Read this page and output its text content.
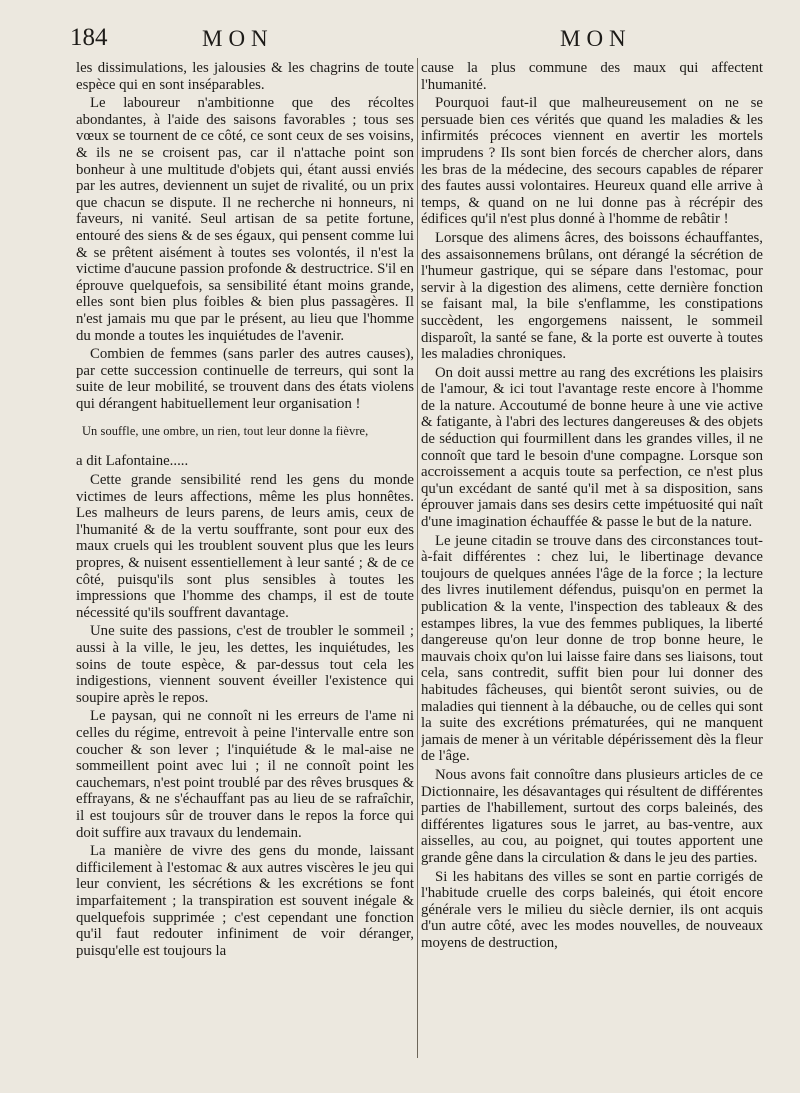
184	MON	MON

les dissimulations, les jalousies & les chagrins de toute espèce qui en sont inséparables.

Le laboureur n'ambitionne que des récoltes abondantes, à l'aide des saisons favorables ; tous ses vœux se tournent de ce côté, ce sont ceux de ses voisins, & ils ne se croisent pas, car il n'attache point son bonheur à une multitude d'objets qui, étant aussi enviés par les autres, deviennent un sujet de rivalité, ou un prix que chacun se dispute. Il ne recherche ni honneurs, ni faveurs, ni vanité. Seul artisan de sa petite fortune, entouré des siens & de ses égaux, qui pensent comme lui & se prêtent aisément à toutes ses volontés, il n'est la victime d'aucune passion profonde & destructrice. S'il en éprouve quelquefois, sa sensibilité étant moins grande, elles sont bien plus foibles & bien plus passagères. Il n'est jamais mu que par le présent, au lieu que l'homme du monde a toutes les inquiétudes de l'avenir.

Combien de femmes (sans parler des autres causes), par cette succession continuelle de terreurs, qui sont la suite de leur mobilité, se trouvent dans des états violens qui dérangent habituellement leur organisation !

Un souffle, une ombre, un rien, tout leur donne la fièvre,

a dit Lafontaine.....

Cette grande sensibilité rend les gens du monde victimes de leurs affections, même les plus honnêtes. Les malheurs de leurs parens, de leurs amis, ceux de l'humanité & de la vertu souffrante, sont pour eux des maux cruels qui les troublent souvent plus que les leurs propres, & nuisent essentiellement à leur santé ; & de ce côté, puisqu'ils sont plus sensibles à toutes les impressions que l'homme des champs, il est de toute nécessité qu'ils souffrent davantage.

Une suite des passions, c'est de troubler le sommeil ; aussi à la ville, le jeu, les dettes, les inquiétudes, les soins de toute espèce, & par-dessus tout cela les indigestions, viennent souvent éveiller l'existence qui soupire après le repos.

Le paysan, qui ne connoît ni les erreurs de l'ame ni celles du régime, entrevoit à peine l'intervalle entre son coucher & son lever ; l'inquiétude & le mal-aise ne sommeillent point avec lui ; il ne connoît point les cauchemars, n'est point troublé par des rêves brusques & effrayans, & ne s'échauffant pas au lieu de se rafraîchir, il est toujours sûr de trouver dans le repos la force qui doit suffire aux travaux du lendemain.

La manière de vivre des gens du monde, laissant difficilement à l'estomac & aux autres viscères le jeu qui leur convient, les sécrétions & les excrétions se font imparfaitement ; la transpiration est souvent inégale & quelquefois supprimée ; c'est cependant une fonction qu'il faut redouter infiniment de voir déranger, puisqu'elle est toujours la

cause la plus commune des maux qui affectent l'humanité.

Pourquoi faut-il que malheureusement on ne se persuade bien ces vérités que quand les maladies & les infirmités précoces viennent en avertir les mortels imprudens ? Ils sont bien forcés de chercher alors, dans les bras de la médecine, des secours capables de réparer des fautes aussi volontaires. Heureux quand elle arrive à temps, & quand on ne lui donne pas à récrépir des édifices qu'il n'est plus donné à l'homme de rebâtir !

Lorsque des alimens âcres, des boissons échauffantes, des assaisonnemens brûlans, ont dérangé la sécrétion de l'humeur gastrique, qui se sépare dans l'estomac, pour servir à la digestion des alimens, cette dernière fonction se faisant mal, la bile s'enflamme, les constipations succèdent, les engorgemens naissent, le sommeil disparoît, la santé se fane, & la porte est ouverte à toutes les maladies chroniques.

On doit aussi mettre au rang des excrétions les plaisirs de l'amour, & ici tout l'avantage reste encore à l'homme de la nature. Accoutumé de bonne heure à une vie active & fatigante, à l'abri des lectures dangereuses & des objets de séduction qui fourmillent dans les grandes villes, il ne connoît que tard le besoin d'une compagne. Lorsque son accroissement a acquis toute sa perfection, ce n'est plus qu'un excédant de santé qu'il met à sa disposition, sans éprouver jamais dans ses desirs cette impétuosité qui naît d'une imagination échauffée & passe le but de la nature.

Le jeune citadin se trouve dans des circonstances tout-à-fait différentes : chez lui, le libertinage devance toujours de quelques années l'âge de la force ; la lecture des livres inutilement défendus, puisqu'on en permet la publication & la vente, l'inspection des tableaux & des estampes libres, la vue des femmes publiques, la liberté dangereuse qu'on leur donne de trop bonne heure, le mauvais choix qu'on lui laisse faire dans ses liaisons, tout cela, sans contredit, suffit bien pour lui donner des habitudes fâcheuses, qui bientôt seront suivies, ou de maladies qui tiennent à la débauche, ou de celles qui sont la suite des excrétions prématurées, qui ne manquent jamais de mener à un véritable dépérissement dès la fleur de l'âge.

Nous avons fait connoître dans plusieurs articles de ce Dictionnaire, les désavantages qui résultent de différentes parties de l'habillement, surtout des corps baleinés, des différentes ligatures sous le jarret, au bas-ventre, aux aisselles, au cou, au poignet, qui toutes apportent une grande gêne dans la circulation & dans le jeu des parties.

Si les habitans des villes se sont en partie corrigés de l'habitude cruelle des corps baleinés, qui étoit encore générale vers le milieu du siècle dernier, ils ont acquis d'un autre côté, avec les modes nouvelles, de nouveaux moyens de destruction,
